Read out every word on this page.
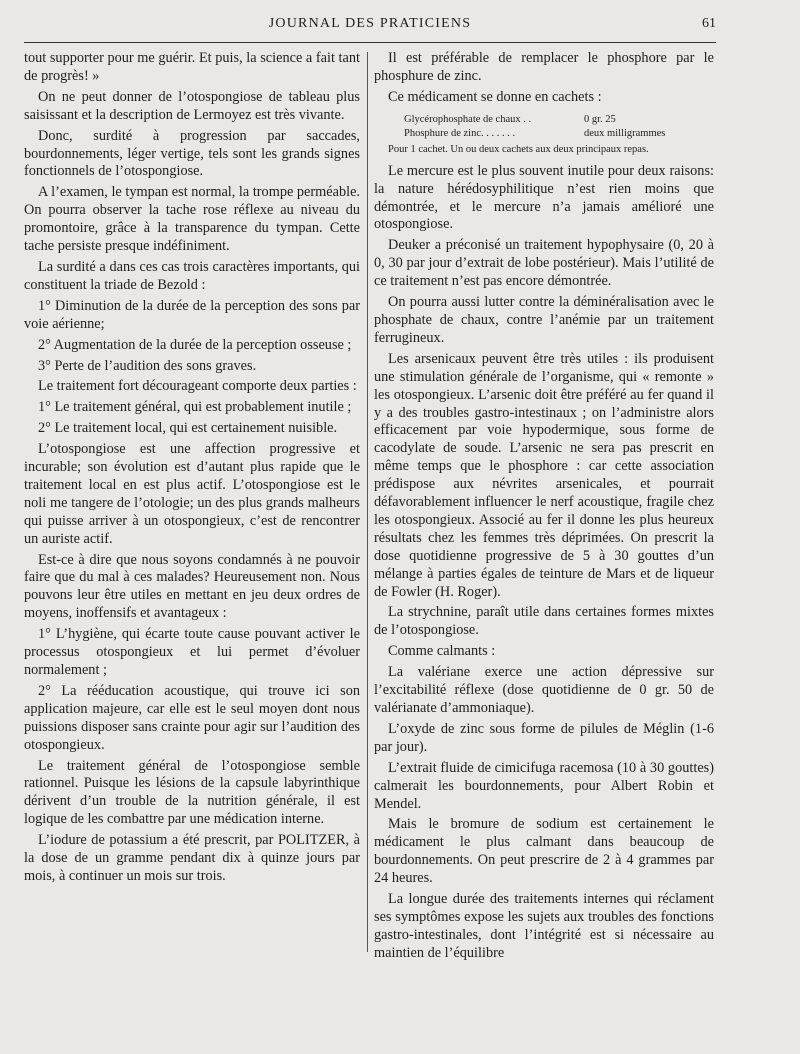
JOURNAL DES PRATICIENS	61

tout supporter pour me guérir. Et puis, la science a fait tant de progrès! »

On ne peut donner de l’otospongiose de tableau plus saisissant et la description de Lermoyez est très vivante.

Donc, surdité à progression par saccades, bourdonnements, léger vertige, tels sont les grands signes fonctionnels de l’otospongiose.

A l’examen, le tympan est normal, la trompe perméable. On pourra observer la tache rose réflexe au niveau du promontoire, grâce à la transparence du tympan. Cette tache persiste presque indéfiniment.

La surdité a dans ces cas trois caractères importants, qui constituent la triade de Bezold :

1° Diminution de la durée de la perception des sons par voie aérienne;

2° Augmentation de la durée de la perception osseuse ;

3° Perte de l’audition des sons graves.

Le traitement fort décourageant comporte deux parties :

1° Le traitement général, qui est probablement inutile ;

2° Le traitement local, qui est certainement nuisible.

L’otospongiose est une affection progressive et incurable; son évolution est d’autant plus rapide que le traitement local en est plus actif. L’otospongiose est le noli me tangere de l’otologie; un des plus grands malheurs qui puisse arriver à un otospongieux, c’est de rencontrer un auriste actif.

Est-ce à dire que nous soyons condamnés à ne pouvoir faire que du mal à ces malades? Heureusement non. Nous pouvons leur être utiles en mettant en jeu deux ordres de moyens, inoffensifs et avantageux :

1° L’hygiène, qui écarte toute cause pouvant activer le processus otospongieux et lui permet d’évoluer normalement ;

2° La rééducation acoustique, qui trouve ici son application majeure, car elle est le seul moyen dont nous puissions disposer sans crainte pour agir sur l’audition des otospongieux.

Le traitement général de l’otospongiose semble rationnel. Puisque les lésions de la capsule labyrinthique dérivent d’un trouble de la nutrition générale, il est logique de les combattre par une médication interne.

L’iodure de potassium a été prescrit, par POLITZER, à la dose de un gramme pendant dix à quinze jours par mois, à continuer un mois sur trois.

Il est préférable de remplacer le phosphore par le phosphure de zinc.

Ce médicament se donne en cachets :

Glycérophosphate de chaux . .	0 gr. 25
Phosphure de zinc. . . . . . .	deux milligrammes
Pour 1 cachet. Un ou deux cachets aux deux principaux repas.

Le mercure est le plus souvent inutile pour deux raisons: la nature hérédosyphilitique n’est rien moins que démontrée, et le mercure n’a jamais amélioré une otospongiose.

Deuker a préconisé un traitement hypophysaire (0, 20 à 0, 30 par jour d’extrait de lobe postérieur). Mais l’utilité de ce traitement n’est pas encore démontrée.

On pourra aussi lutter contre la déminéralisation avec le phosphate de chaux, contre l’anémie par un traitement ferrugineux.

Les arsenicaux peuvent être très utiles : ils produisent une stimulation générale de l’organisme, qui « remonte » les otospongieux. L’arsenic doit être préféré au fer quand il y a des troubles gastro-intestinaux ; on l’administre alors efficacement par voie hypodermique, sous forme de cacodylate de soude. L’arsenic ne sera pas prescrit en même temps que le phosphore : car cette association prédispose aux névrites arsenicales, et pourrait défavorablement influencer le nerf acoustique, fragile chez les otospongieux. Associé au fer il donne les plus heureux résultats chez les femmes très déprimées. On prescrit la dose quotidienne progressive de 5 à 30 gouttes d’un mélange à parties égales de teinture de Mars et de liqueur de Fowler (H. Roger).

La strychnine, paraît utile dans certaines formes mixtes de l’otospongiose.

Comme calmants :

La valériane exerce une action dépressive sur l’excitabilité réflexe (dose quotidienne de 0 gr. 50 de valérianate d’ammoniaque).

L’oxyde de zinc sous forme de pilules de Méglin (1-6 par jour).

L’extrait fluide de cimicifuga racemosa (10 à 30 gouttes) calmerait les bourdonnements, pour Albert Robin et Mendel.

Mais le bromure de sodium est certainement le médicament le plus calmant dans beaucoup de bourdonnements. On peut prescrire de 2 à 4 grammes par 24 heures.

La longue durée des traitements internes qui réclament ses symptômes expose les sujets aux troubles des fonctions gastro-intestinales, dont l’intégrité est si nécessaire au maintien de l’équilibre
